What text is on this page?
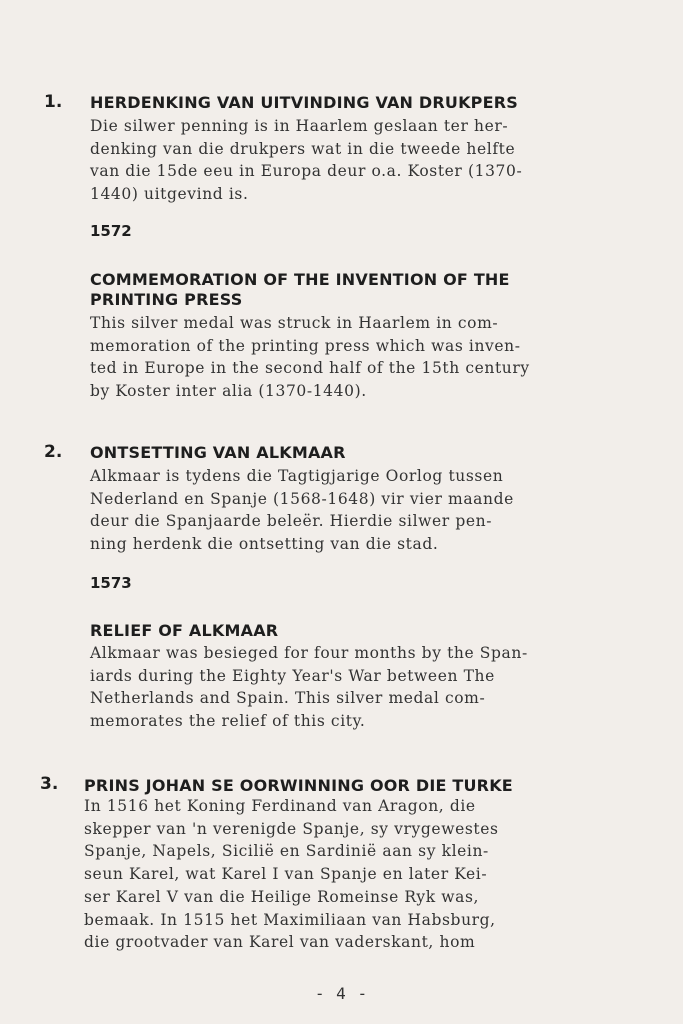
1. HERDENKING VAN UITVINDING VAN DRUKPERS

Die silwer penning is in Haarlem geslaan ter her-
denking van die drukpers wat in die tweede helfte
van die 15de eeu in Europa deur o.a. Koster (1370-
1440) uitgevind is.

1572
COMMEMORATION OF THE INVENTION OF THE
PRINTING PRESS

This silver medal was struck in Haarlem in com-
memoration of the printing press which was inven-
ted in Europe in the second half of the 15th century
by Koster inter alia (1370-1440).

2. ONTSETTING VAN ALKMAAR

Alkmaar is tydens die Tagtigjarige Oorlog tussen
Nederland en Spanje (1568-1648) vir vier maande
deur die Spanjaarde beleër. Hierdie silwer pen-
ning herdenk die ontsetting van die stad.

1573
RELIEF OF ALKMAAR

Alkmaar was besieged for four months by the Span-
iards during the Eighty Year's War between The
Netherlands and Spain. This silver medal com-
memorates the relief of this city.

3. PRINS JOHAN SE OORWINNING OOR DIE TURKE

In 1516 het Koning Ferdinand van Aragon, die
skepper van 'n verenigde Spanje, sy vrygewestes
Spanje, Napels, Sicilië en Sardinië aan sy klein-
seun Karel, wat Karel I van Spanje en later Kei-
ser Karel V van die Heilige Romeinse Ryk was,
bemaak. In 1515 het Maximiliaan van Habsburg,
die grootvader van Karel van vaderskant, hom

- 4 -
